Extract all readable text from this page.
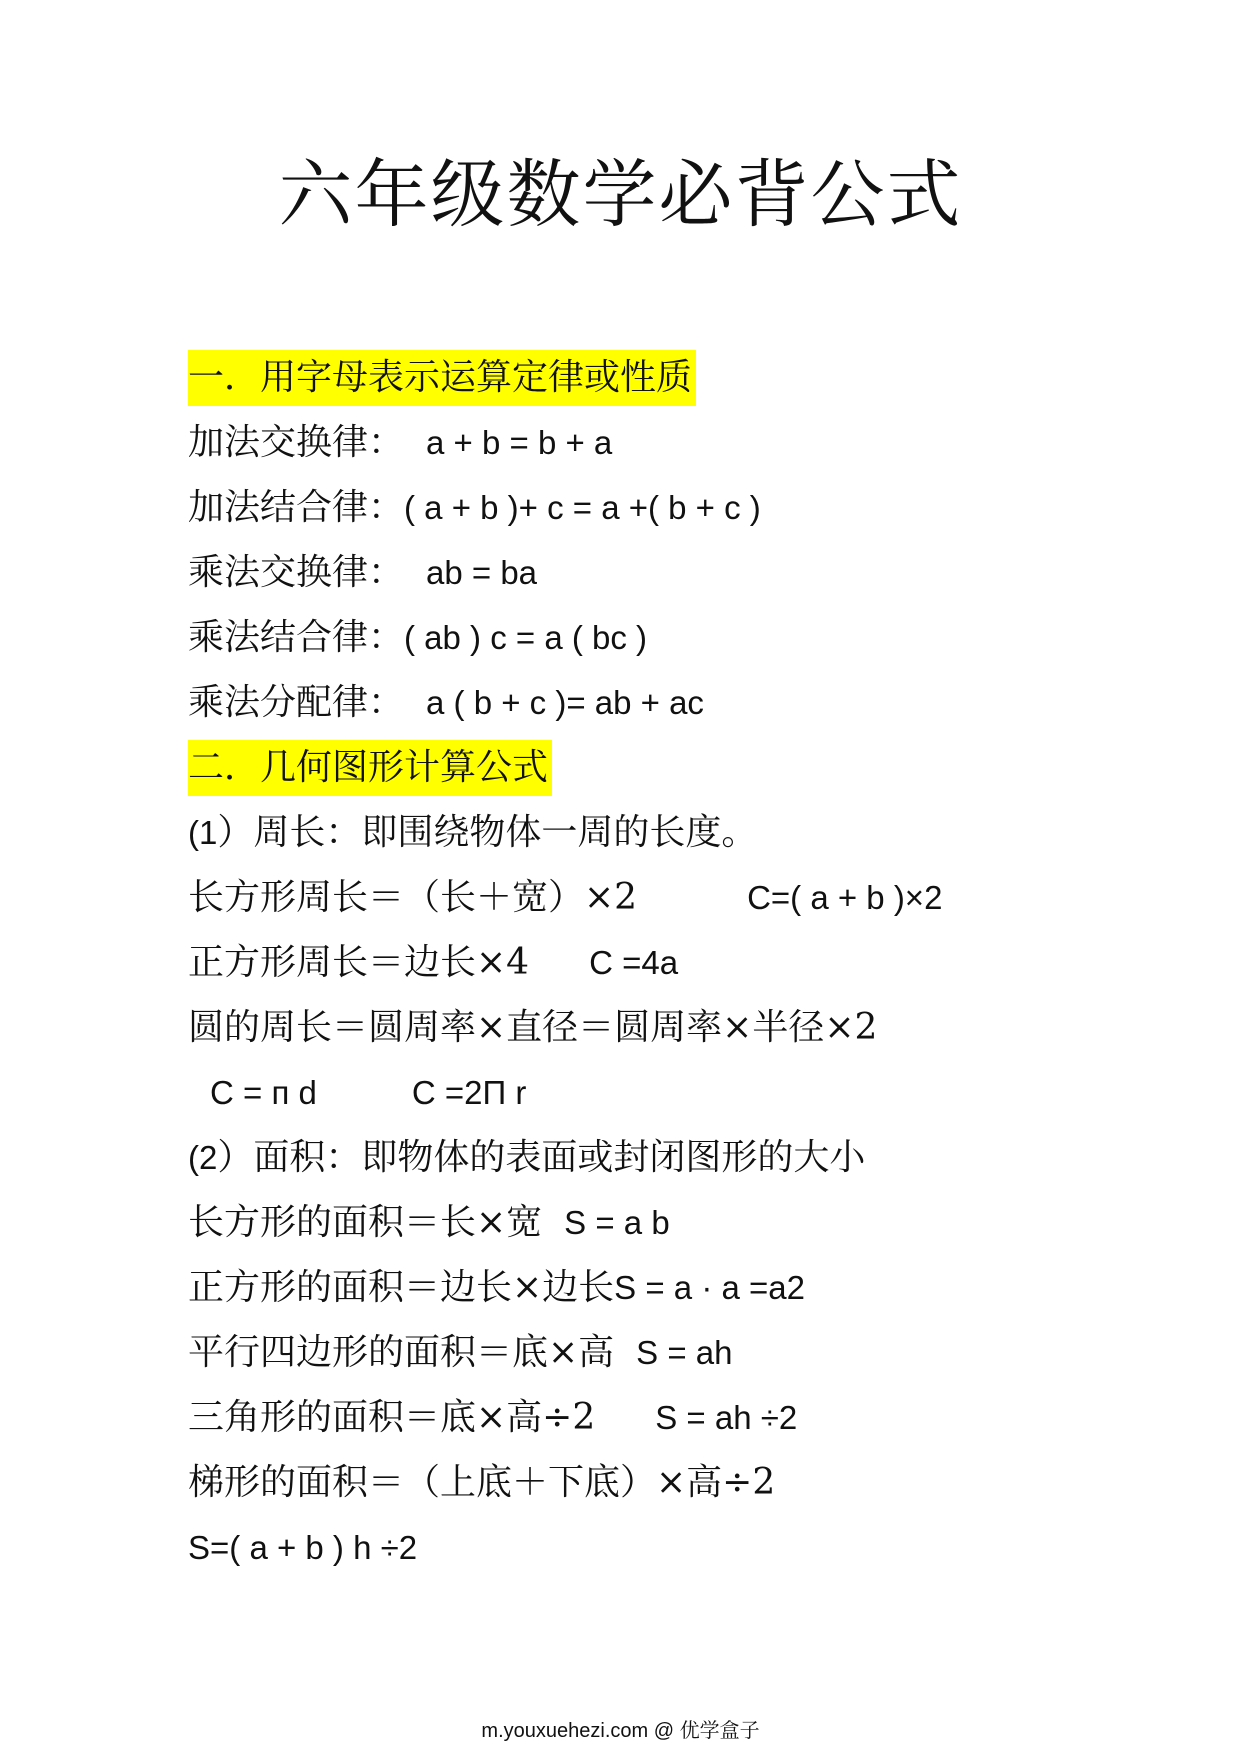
六年级数学必背公式
一．用字母表示运算定律或性质
加法交换律： a + b = b + a
加法结合律：( a + b )+ c = a +( b + c )
乘法交换律： ab = ba
乘法结合律：( ab ) c = a ( bc )
乘法分配律： a ( b + c )= ab + ac
二．几何图形计算公式
(1）周长：即围绕物体一周的长度。
长方形周长＝（长＋宽）×2	C=( a + b )×2
正方形周长＝边长×4 C =4a
圆的周长＝圆周率×直径＝圆周率×半径×2
C = п d	C =2П r
(2）面积：即物体的表面或封闭图形的大小
长方形的面积＝长×宽 S = a b
正方形的面积＝边长×边长S = a · a =a2
平行四边形的面积＝底×高 S = ah
三角形的面积＝底×高÷2 S = ah ÷2
梯形的面积＝（上底＋下底）×高÷2
S=( a + b ) h ÷2
m.youxuehezi.com @ 优学盒子
